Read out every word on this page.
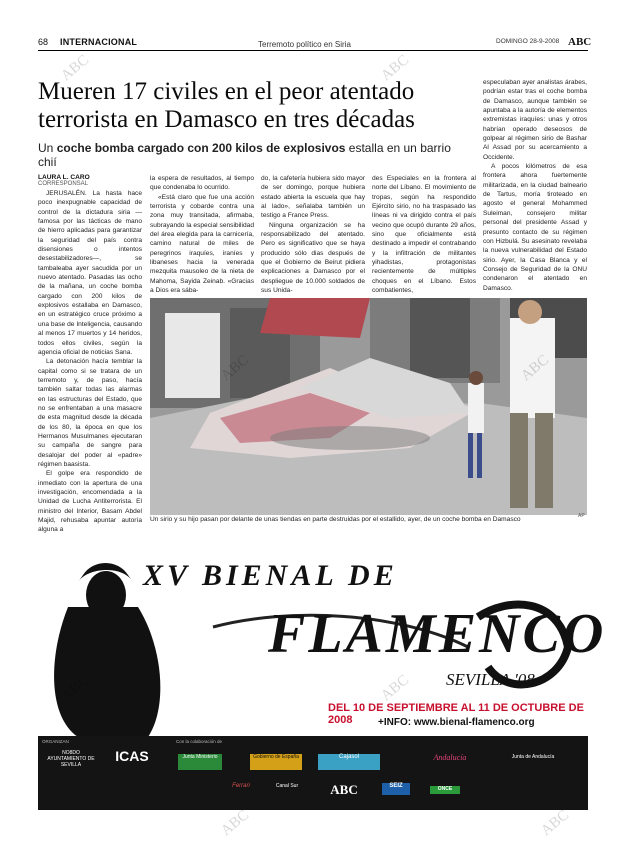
68 INTERNACIONAL	Terremoto político en Siria	DOMINGO 28-9-2008 ABC
Mueren 17 civiles en el peor atentado terrorista en Damasco en tres décadas
Un coche bomba cargado con 200 kilos de explosivos estalla en un barrio chií
LAURA L. CARO
CORRESPONSAL

JERUSALÉN. La hasta hace poco inexpugnable capacidad de control de la dictadura siria —famosa por las tácticas de mano de hierro aplicadas para garantizar la seguridad del país contra disensiones o intentos desestabilizadores—, se tambaleaba ayer sacudida por un nuevo atentado. Pasadas las ocho de la mañana, un coche bomba cargado con 200 kilos de explosivos estallaba en Damasco, en un estratégico cruce próximo a una base de Inteligencia, causando al menos 17 muertos y 14 heridos, todos ellos civiles, según la agencia oficial de noticias Sana.

La detonación hacía temblar la capital como si se tratara de un terremoto y, de paso, hacía también saltar todas las alarmas en las estructuras del Estado, que no se enfrentaban a una masacre de esta magnitud desde la década de los 80, la época en que los Hermanos Musulmanes ejecutaran su campaña de sangre para desalojar del poder al «padre» régimen baasista.

El golpe era respondido de inmediato con la apertura de una investigación, encomendada a la Unidad de Lucha Antiterrorista. El ministro del Interior, Basam Abdel Majid, rehusaba apuntar autoría alguna a

la espera de resultados, al tiempo que condenaba lo ocurrido.

«Está claro que fue una acción terrorista y cobarde contra una zona muy transitada, afirmaba, subrayando la especial sensibilidad del área elegida para la carnicería, camino natural de miles de peregrinos iraquíes, iraníes y libaneses hacia la venerada mezquita mausoleo de la nieta de Mahoma, Sayida Zeinab. «Gracias a Dios era sába-

do, la cafetería hubiera sido mayor de ser domingo, porque hubiera estado abierta la escuela que hay al lado», señalaba también un testigo a France Press.

Ninguna organización se ha responsabilizado del atentado. Pero es significativo que se haya producido sólo dias después de que el Gobierno de Beirut pidiera explicaciones a Damasco por el despliegue de 10.000 soldados de sus Unida-

des Especiales en la frontera al norte del Líbano. El movimiento de tropas, según ha respondido Ejército sirio, no ha traspasado las líneas ni va dirigido contra el país vecino que ocupó durante 29 años, sino que oficialmente está destinado a impedir el contrabando y la infiltración de militantes yihadistas, protagonistas recientemente de múltiples choques en el Líbano. Estos combatientes,

especulaban ayer analistas árabes, podrían estar tras el coche bomba de Damasco, aunque también se apuntaba a la autoría de elementos extremistas iraquíes: unas y otros habrían operado deseosos de golpear al régimen sirio de Bashar Al Assad por su acercamiento a Occidente.

A pocos kilómetros de esa frontera ahora fuertemente militarizada, en la ciudad balneario de Tartus, moría tiroteado en agosto el general Mohammed Suleiman, consejero militar personal del presidente Assad y presunto contacto de su régimen con Hizbulá. Su asesinato revelaba la nueva vulnerabilidad del Estado sirio. Ayer, la Casa Blanca y el Consejo de Seguridad de la ONU condenaron el atentado en Damasco.

Un sirio y su hijo pasan por delante de unas tiendas en parte destruidas por el estallido, ayer, de un coche bomba en Damasco	AP
XV BIENAL DE
FLAMENCO
SEVILLA '08
DEL 10 DE SEPTIEMBRE AL 11 DE OCTUBRE DE 2008	+INFO: www.bienal-flamenco.org
ORGANIZAN	Con la colaboración de
NO8DO AYUNTAMIENTO DE SEVILLA
ICAS	Junta Ministerio	Gobierno de España	Cajasol	Andalucía	Junta de Andalucía
ABC	SEIZ	ONCE
Ferrari	Canal Sur
ABC	ABC
ABC	ABC
